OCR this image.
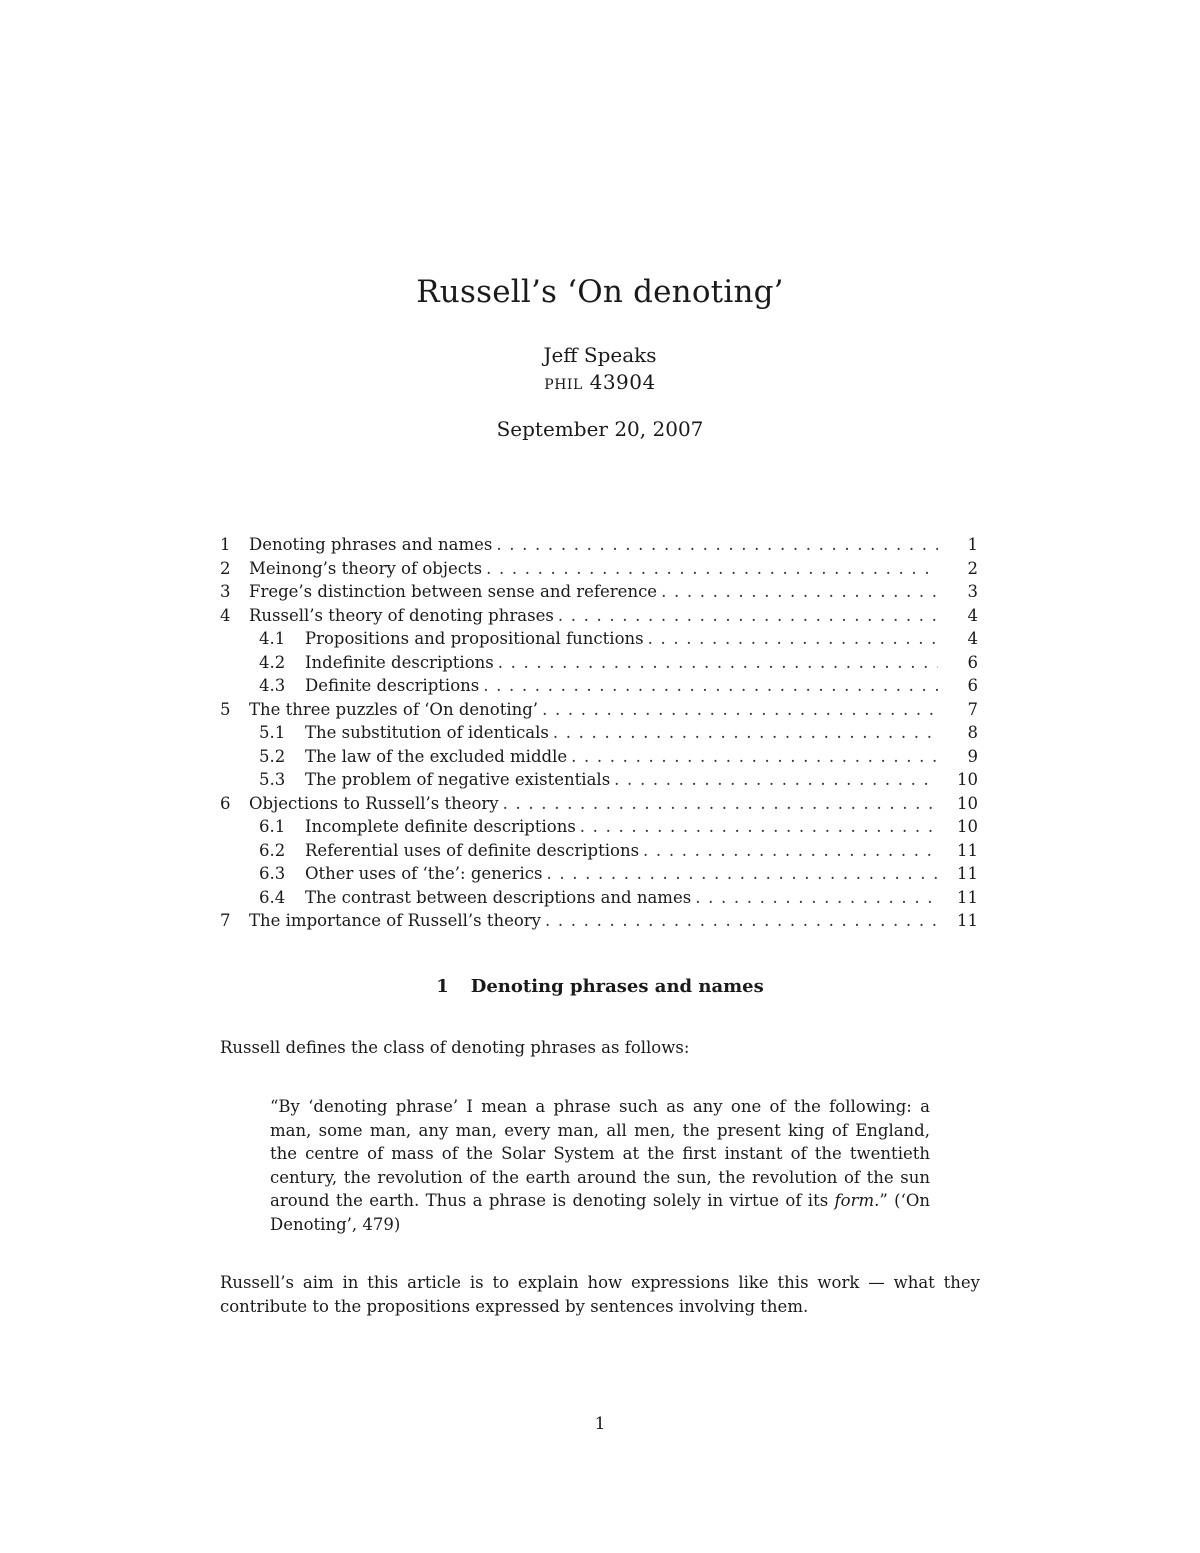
Russell’s ‘On denoting’
Jeff Speaks
phil 43904
September 20, 2007
1	Denoting phrases and names . . .	1
2	Meinong’s theory of objects . . .	2
3	Frege’s distinction between sense and reference . . .	3
4	Russell’s theory of denoting phrases . . .	4
4.1	Propositions and propositional functions . . .	4
4.2	Indefinite descriptions . . .	6
4.3	Definite descriptions . . .	6
5	The three puzzles of ‘On denoting’ . . .	7
5.1	The substitution of identicals . . .	8
5.2	The law of the excluded middle . . .	9
5.3	The problem of negative existentials . . .	10
6	Objections to Russell’s theory . . .	10
6.1	Incomplete definite descriptions . . .	10
6.2	Referential uses of definite descriptions . . .	11
6.3	Other uses of ‘the’: generics . . .	11
6.4	The contrast between descriptions and names . . .	11
7	The importance of Russell’s theory . . .	11
1 Denoting phrases and names
Russell defines the class of denoting phrases as follows:
“By ‘denoting phrase’ I mean a phrase such as any one of the following: a man, some man, any man, every man, all men, the present king of England, the centre of mass of the Solar System at the first instant of the twentieth century, the revolution of the earth around the sun, the revolution of the sun around the earth. Thus a phrase is denoting solely in virtue of its form.” (‘On Denoting’, 479)
Russell’s aim in this article is to explain how expressions like this work — what they contribute to the propositions expressed by sentences involving them.
1
